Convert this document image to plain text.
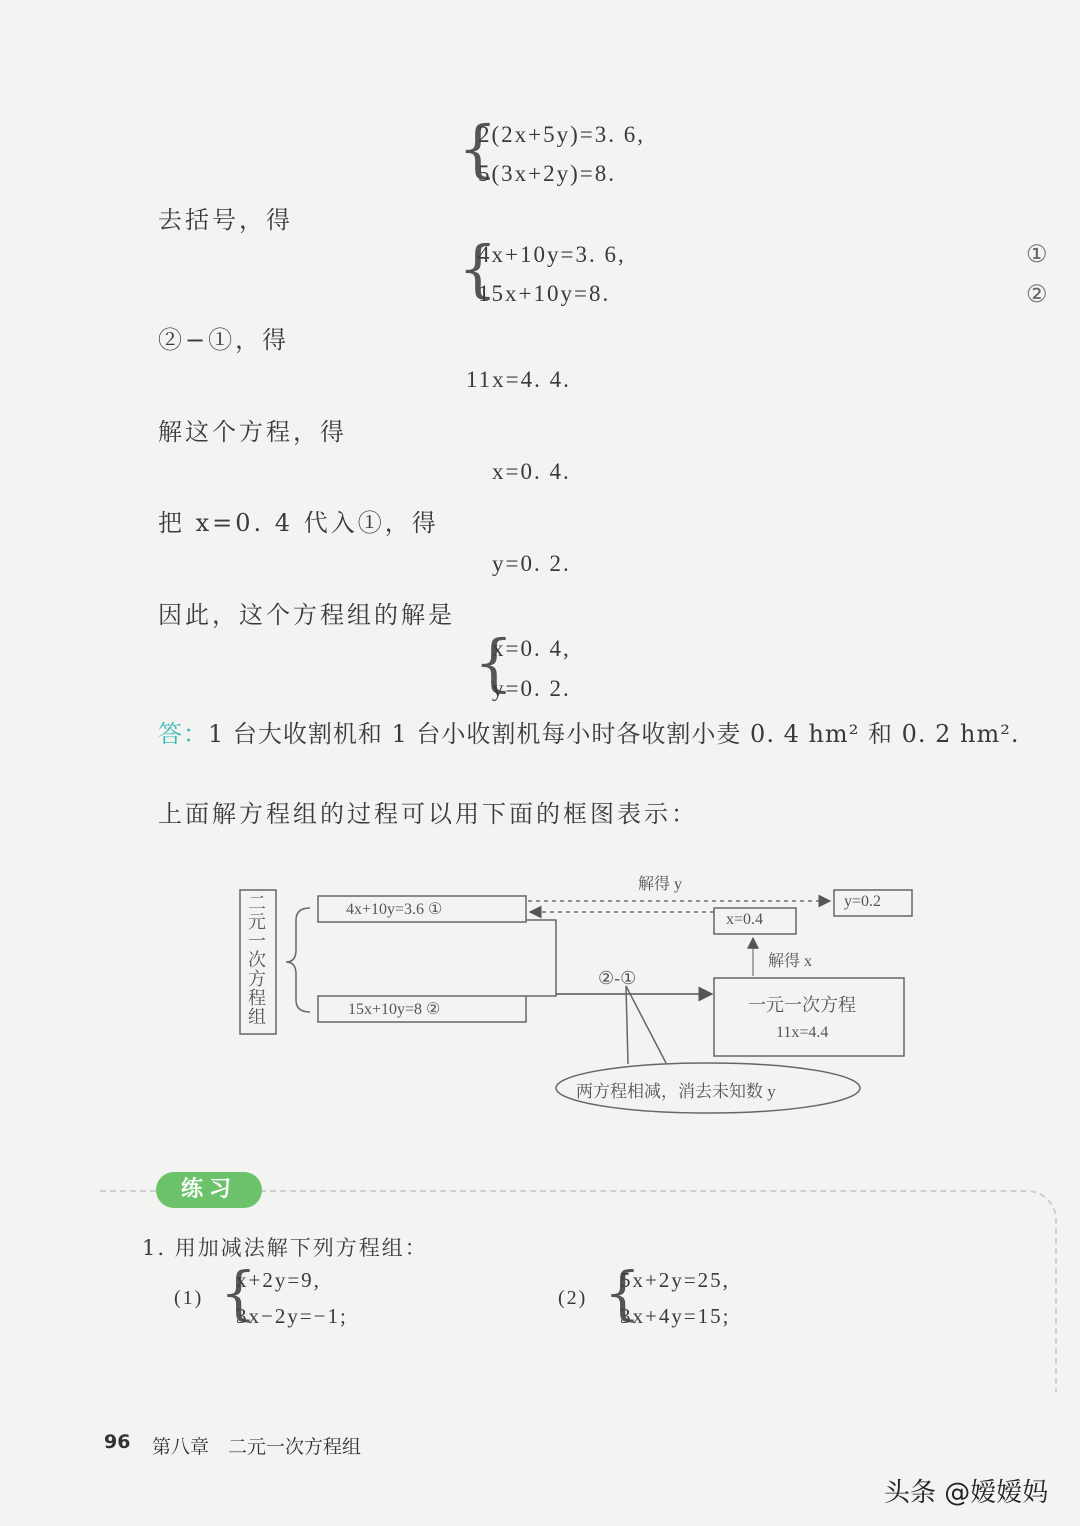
{
2(2x+5y)=3. 6,
5(3x+2y)=8.
去括号，得
{
4x+10y=3. 6,
15x+10y=8.
①
②
②−①，得
11x=4. 4.
解这个方程，得
x=0. 4.
把 x=0. 4 代入①，得
y=0. 2.
因此，这个方程组的解是
{
x=0. 4,
y=0. 2.
答：1 台大收割机和 1 台小收割机每小时各收割小麦 0. 4 hm² 和 0. 2 hm².
上面解方程组的过程可以用下面的框图表示：
二元一次方程组
4x+10y=3.6 ①
15x+10y=8 ②
②-①
解得 y
y=0.2
x=0.4
解得 x
一元一次方程
11x=4.4
两方程相减，消去未知数 y
练习
1. 用加减法解下列方程组：
(1) {
x+2y=9,
3x−2y=−1;
(2) {
5x+2y=25,
3x+4y=15;
96 第八章　二元一次方程组
头条 @嫒嫒妈
